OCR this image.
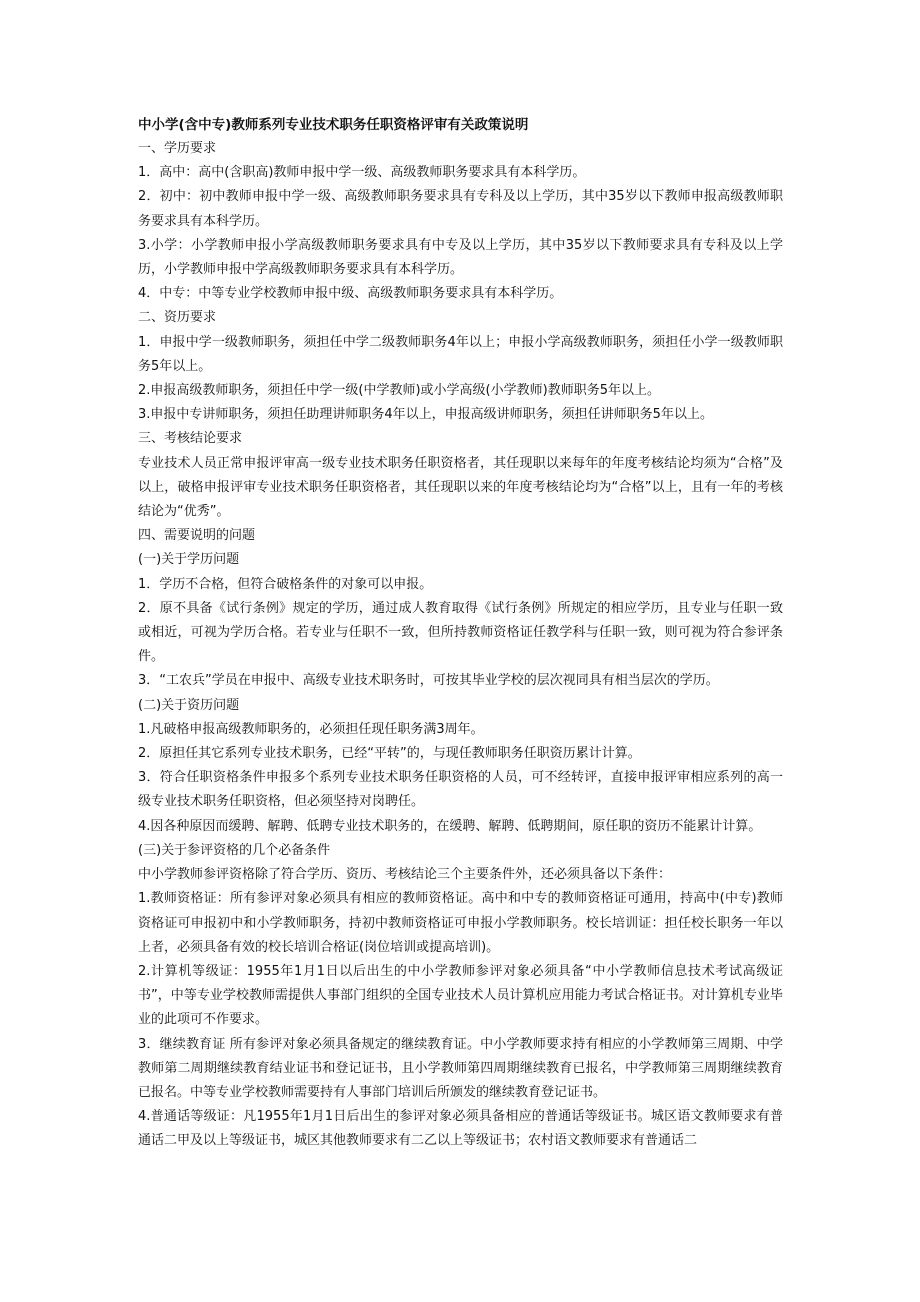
中小学(含中专)教师系列专业技术职务任职资格评审有关政策说明

一、学历要求

1．高中：高中(含职高)教师申报中学一级、高级教师职务要求具有本科学历。

2．初中：初中教师申报中学一级、高级教师职务要求具有专科及以上学历，其中35岁以下教师申报高级教师职务要求具有本科学历。

3.小学：小学教师申报小学高级教师职务要求具有中专及以上学历，其中35岁以下教师要求具有专科及以上学历，小学教师申报中学高级教师职务要求具有本科学历。

4．中专：中等专业学校教师申报中级、高级教师职务要求具有本科学历。

二、资历要求

1．申报中学一级教师职务，须担任中学二级教师职务4年以上；申报小学高级教师职务，须担任小学一级教师职务5年以上。

2.申报高级教师职务，须担任中学一级(中学教师)或小学高级(小学教师)教师职务5年以上。

3.申报中专讲师职务，须担任助理讲师职务4年以上，申报高级讲师职务，须担任讲师职务5年以上。

三、考核结论要求

专业技术人员正常申报评审高一级专业技术职务任职资格者，其任现职以来每年的年度考核结论均须为“合格”及以上，破格申报评审专业技术职务任职资格者，其任现职以来的年度考核结论均为“合格”以上，且有一年的考核结论为“优秀”。

四、需要说明的问题

(一)关于学历问题

1．学历不合格，但符合破格条件的对象可以申报。

2．原不具备《试行条例》规定的学历，通过成人教育取得《试行条例》所规定的相应学历，且专业与任职一致或相近，可视为学历合格。若专业与任职不一致，但所持教师资格证任教学科与任职一致，则可视为符合参评条件。

3．“工农兵”学员在申报中、高级专业技术职务时，可按其毕业学校的层次视同具有相当层次的学历。

(二)关于资历问题

1.凡破格申报高级教师职务的，必须担任现任职务满3周年。

2．原担任其它系列专业技术职务，已经“平转”的，与现任教师职务任职资历累计计算。

3．符合任职资格条件申报多个系列专业技术职务任职资格的人员，可不经转评，直接申报评审相应系列的高一级专业技术职务任职资格，但必须坚持对岗聘任。

4.因各种原因而缓聘、解聘、低聘专业技术职务的，在缓聘、解聘、低聘期间，原任职的资历不能累计计算。

(三)关于参评资格的几个必备条件

中小学教师参评资格除了符合学历、资历、考核结论三个主要条件外，还必须具备以下条件：

1.教师资格证：所有参评对象必须具有相应的教师资格证。高中和中专的教师资格证可通用，持高中(中专)教师资格证可申报初中和小学教师职务，持初中教师资格证可申报小学教师职务。校长培训证：担任校长职务一年以上者，必须具备有效的校长培训合格证(岗位培训或提高培训)。

2.计算机等级证：1955年1月1日以后出生的中小学教师参评对象必须具备“中小学教师信息技术考试高级证书”，中等专业学校教师需提供人事部门组织的全国专业技术人员计算机应用能力考试合格证书。对计算机专业毕业的此项可不作要求。

3．继续教育证 所有参评对象必须具备规定的继续教育证。中小学教师要求持有相应的小学教师第三周期、中学教师第二周期继续教育结业证书和登记证书，且小学教师第四周期继续教育已报名，中学教师第三周期继续教育已报名。中等专业学校教师需要持有人事部门培训后所颁发的继续教育登记证书。

4.普通话等级证：凡1955年1月1日后出生的参评对象必须具备相应的普通话等级证书。城区语文教师要求有普通话二甲及以上等级证书，城区其他教师要求有二乙以上等级证书；农村语文教师要求有普通话二
